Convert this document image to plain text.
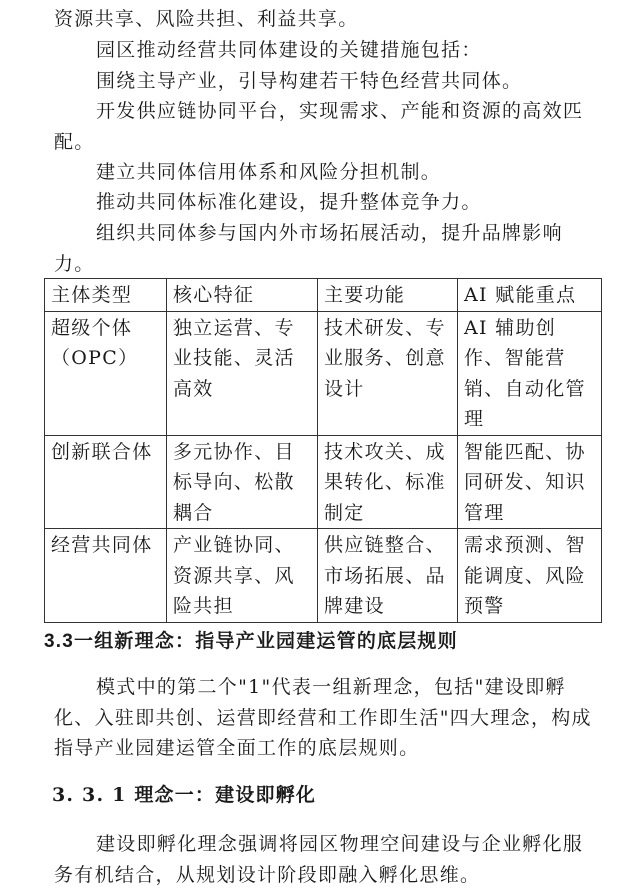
资源共享、风险共担、利益共享。

园区推动经营共同体建设的关键措施包括：

围绕主导产业，引导构建若干特色经营共同体。

开发供应链协同平台，实现需求、产能和资源的高效匹配。

建立共同体信用体系和风险分担机制。

推动共同体标准化建设，提升整体竞争力。

组织共同体参与国内外市场拓展活动，提升品牌影响力。

主体类型	核心特征	主要功能	AI 赋能重点
超级个体（OPC）	独立运营、专业技能、灵活高效	技术研发、专业服务、创意设计	AI 辅助创作、智能营销、自动化管理
创新联合体	多元协作、目标导向、松散耦合	技术攻关、成果转化、标准制定	智能匹配、协同研发、知识管理
经营共同体	产业链协同、资源共享、风险共担	供应链整合、市场拓展、品牌建设	需求预测、智能调度、风险预警
3.3一组新理念：指导产业园建运管的底层规则

模式中的第二个"1"代表一组新理念，包括"建设即孵化、入驻即共创、运营即经营和工作即生活"四大理念，构成指导产业园建运管全面工作的底层规则。

3. 3. 1 理念一：建设即孵化

建设即孵化理念强调将园区物理空间建设与企业孵化服务有机结合，从规划设计阶段即融入孵化思维。
